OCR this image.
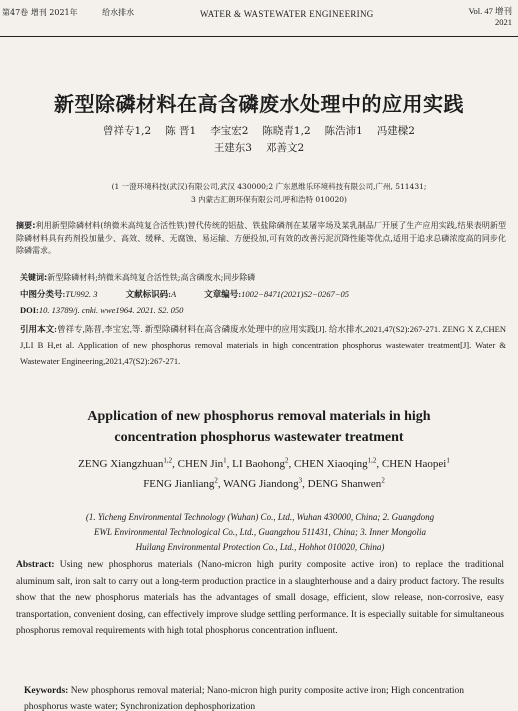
第47卷 增刊 2021年	给水排水	WATER & WASTEWATER ENGINEERING	Vol. 47 增刊
2021
新型除磷材料在高含磷废水处理中的应用实践
曾祥专1,2 陈 晋1 李宝宏2 陈晓青1,2 陈浩沛1 冯建樑2
王建东3 邓善文2
(1 一澄环境科技(武汉)有限公司,武汉 430000;2 广东恩维乐环境科技有限公司,广州, 511431;
3 内蒙古汇朗环保有限公司,呼和浩特 010020)
摘要:利用新型除磷材料(纳微米高纯复合活性铁)替代传统的铝盐、铁盐除磷剂在某屠宰场及某乳制品厂开展了生产应用实践,结果表明新型除磷材料具有药剂投加量少、高效、缓释、无腐蚀、易运输、方便投加,可有效的改善污泥沉降性能等优点,适用于追求总磷浓度高的同步化除磷需求。
关键词:新型除磷材料;纳微米高纯复合活性铁;高含磷废水;同步除磷
中图分类号:TU992. 3	文献标识码:A	文章编号:1002−8471(2021)S2−0267−05
DOI:10. 13789/j. cnki. wwe1964. 2021. S2. 050
引用本文:曾祥专,陈晋,李宝宏,等. 新型除磷材料在高含磷废水处理中的应用实践[J]. 给水排水,2021,47(S2):267-271. ZENG X Z,CHEN J,LI B H,et al. Application of new phosphorus removal materials in high concentration phosphorus wastewater treatment[J]. Water & Wastewater Engineering,2021,47(S2):267-271.
Application of new phosphorus removal materials in high
concentration phosphorus wastewater treatment
ZENG Xiangzhuan$^{1,2}$, CHEN Jin$^1$, LI Baohong$^2$, CHEN Xiaoqing$^{1,2}$, CHEN Haopei$^1$
FENG Jianliang$^2$, WANG Jiandong$^3$, DENG Shanwen$^2$
(1. Yicheng Environmental Technology (Wuhan) Co., Ltd., Wuhan 430000, China; 2. Guangdong
EWL Environmental Technological Co., Ltd., Guangzhou 511431, China; 3. Inner Mongolia
Huilang Environmental Protection Co., Ltd., Hohhot 010020, China)
Abstract: Using new phosphorus materials (Nano-micron high purity composite active iron) to replace the traditional aluminum salt, iron salt to carry out a long-term production practice in a slaughterhouse and a dairy product factory. The results show that the new phosphorus materials has the advantages of small dosage, efficient, slow release, non-corrosive, easy transportation, convenient dosing, can effectively improve sludge settling performance. It is especially suitable for simultaneous phosphorus removal requirements with high total phosphorus concentration influent.
Keywords: New phosphorus removal material; Nano-micron high purity composite active iron; High concentration phosphorus waste water; Synchronization dephosphorization
